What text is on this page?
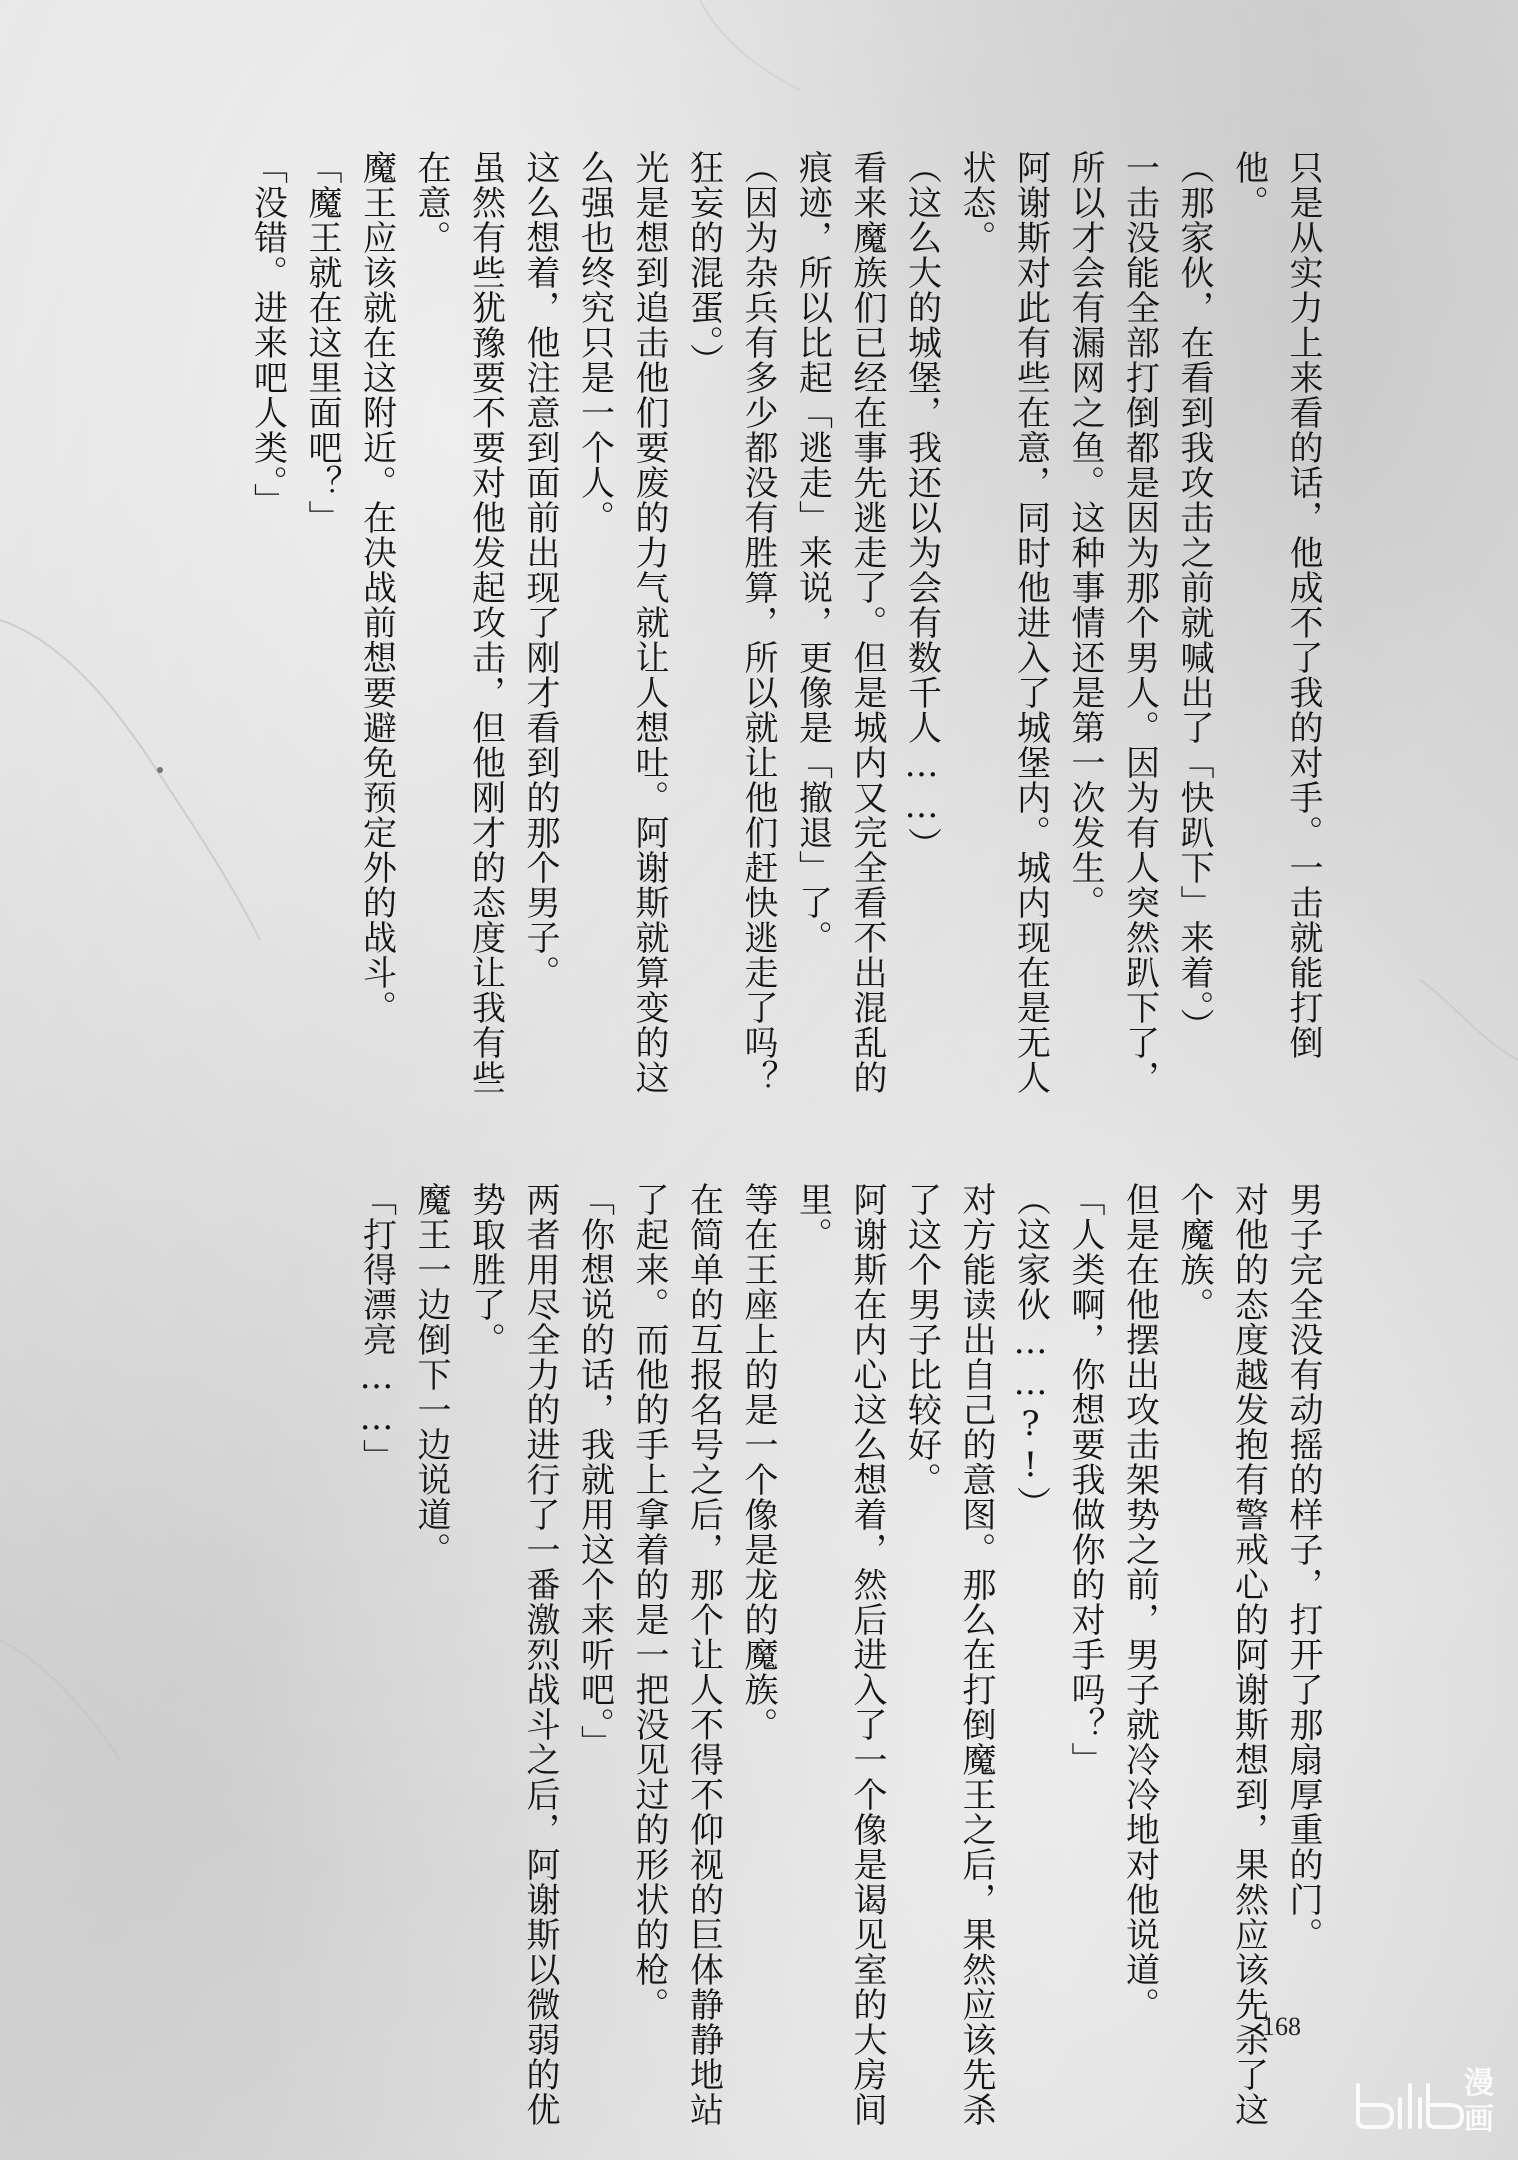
只是从实力上来看的话，他成不了我的对手。一击就能打倒他。

（那家伙，在看到我攻击之前就喊出了「快趴下」来着。）

一击没能全部打倒都是因为那个男人。因为有人突然趴下了，所以才会有漏网之鱼。这种事情还是第一次发生。

阿谢斯对此有些在意，同时他进入了城堡内。城内现在是无人状态。

（这么大的城堡，我还以为会有数千人……）

看来魔族们已经在事先逃走了。但是城内又完全看不出混乱的痕迹，所以比起「逃走」来说，更像是「撤退」了。

（因为杂兵有多少都没有胜算，所以就让他们赶快逃走了吗？狂妄的混蛋。）

光是想到追击他们要废的力气就让人想吐。阿谢斯就算变的这么强也终究只是一个人。

这么想着，他注意到面前出现了刚才看到的那个男子。

虽然有些犹豫要不要对他发起攻击，但他刚才的态度让我有些在意。

魔王应该就在这附近。在决战前想要避免预定外的战斗。

「魔王就在这里面吧？」

「没错。进来吧人类。」

男子完全没有动摇的样子，打开了那扇厚重的门。

对他的态度越发抱有警戒心的阿谢斯想到，果然应该先杀了这个魔族。

但是在他摆出攻击架势之前，男子就冷冷地对他说道。

「人类啊，你想要我做你的对手吗？」

（这家伙……?!）

对方能读出自己的意图。那么在打倒魔王之后，果然应该先杀了这个男子比较好。

阿谢斯在内心这么想着，然后进入了一个像是谒见室的大房间里。

等在王座上的是一个像是龙的魔族。

在简单的互报名号之后，那个让人不得不仰视的巨体静静地站了起来。而他的手上拿着的是一把没见过的形状的枪。

「你想说的话，我就用这个来听吧。」

两者用尽全力的进行了一番激烈战斗之后，阿谢斯以微弱的优势取胜了。

魔王一边倒下一边说道。

「打得漂亮……」

168
漫
画
